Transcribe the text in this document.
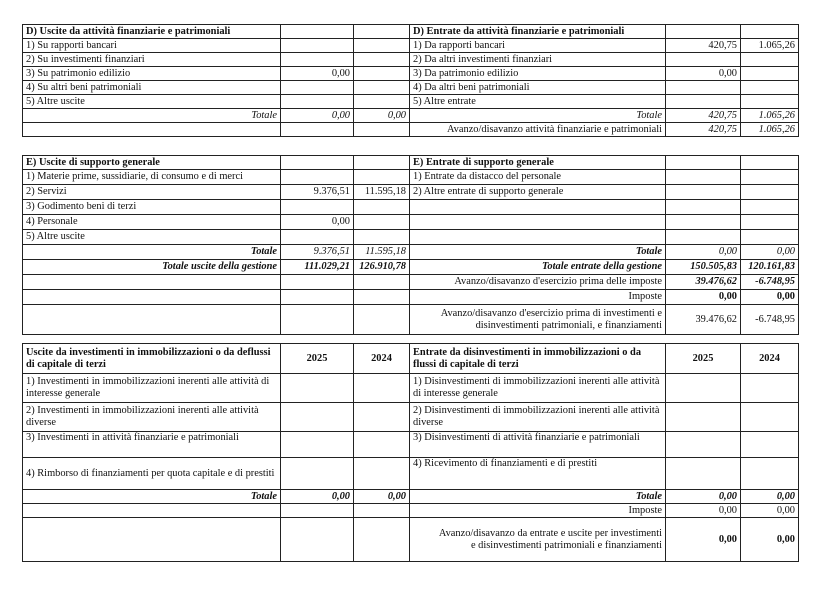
D) Uscite da attività finanziarie e patrimoniali			D) Entrate da attività finanziarie e patrimoniali		
1) Su rapporti bancari			1) Da rapporti bancari	420,75	1.065,26
2) Su investimenti finanziari			2) Da altri investimenti finanziari		
3) Su patrimonio edilizio	0,00		3) Da patrimonio edilizio	0,00	
4) Su altri beni patrimoniali			4) Da altri beni patrimoniali		
5) Altre uscite			5) Altre entrate		
Totale	0,00	0,00	Totale	420,75	1.065,26
			Avanzo/disavanzo attività finanziarie e patrimoniali	420,75	1.065,26
E) Uscite di supporto generale			E) Entrate di supporto generale		
1) Materie prime, sussidiarie, di consumo e di merci			1) Entrate da distacco del personale		
2) Servizi	9.376,51	11.595,18	2) Altre entrate di supporto generale		
3) Godimento beni di terzi					
4) Personale	0,00				
5) Altre uscite					
Totale	9.376,51	11.595,18	Totale	0,00	0,00
Totale uscite della gestione	111.029,21	126.910,78	Totale entrate della gestione	150.505,83	120.161,83
			Avanzo/disavanzo d'esercizio prima delle imposte	39.476,62	-6.748,95
			Imposte	0,00	0,00

			Avanzo/disavanzo d'esercizio prima di investimenti e
disinvestimenti patrimoniali, e finanziamenti	39.476,62	-6.748,95
Uscite da investimenti in immobilizzazioni o da deflussi di capitale di terzi	2025	2024	Entrate da disinvestimenti in immobilizzazioni o da flussi di capitale di terzi	2025	2024
1) Investimenti in immobilizzazioni inerenti alle attività di interesse generale			1) Disinvestimenti di immobilizzazioni inerenti alle attività di interesse generale		
2) Investimenti in immobilizzazioni inerenti alle attività diverse			2) Disinvestimenti di immobilizzazioni inerenti alle attività diverse		
3) Investimenti in attività finanziarie e patrimoniali			3) Disinvestimenti di attività finanziarie e patrimoniali		
4) Rimborso di finanziamenti per quota capitale e di prestiti			4) Ricevimento di finanziamenti e di prestiti		
Totale	0,00	0,00	Totale	0,00	0,00
			Imposte	0,00	0,00

			Avanzo/disavanzo da entrate e uscite per investimenti
e disinvestimenti patrimoniali e finanziamenti	0,00	0,00
